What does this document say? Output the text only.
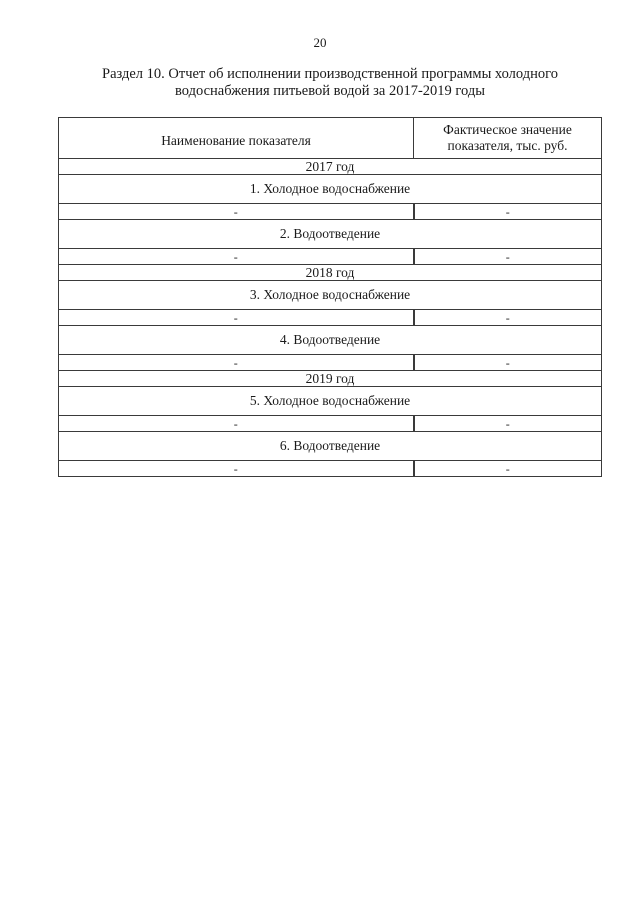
20
Раздел 10. Отчет об исполнении производственной программы холодного
водоснабжения питьевой водой за 2017-2019 годы
Наименование показателя	Фактическое значение показателя, тыс. руб.
2017 год	
1. Холодное водоснабжение	
-	-
2. Водоотведение	
-	-
2018 год	
3. Холодное водоснабжение	
-	-
4. Водоотведение	
-	-
2019 год	
5. Холодное водоснабжение	
-	-
6. Водоотведение	
-	-
